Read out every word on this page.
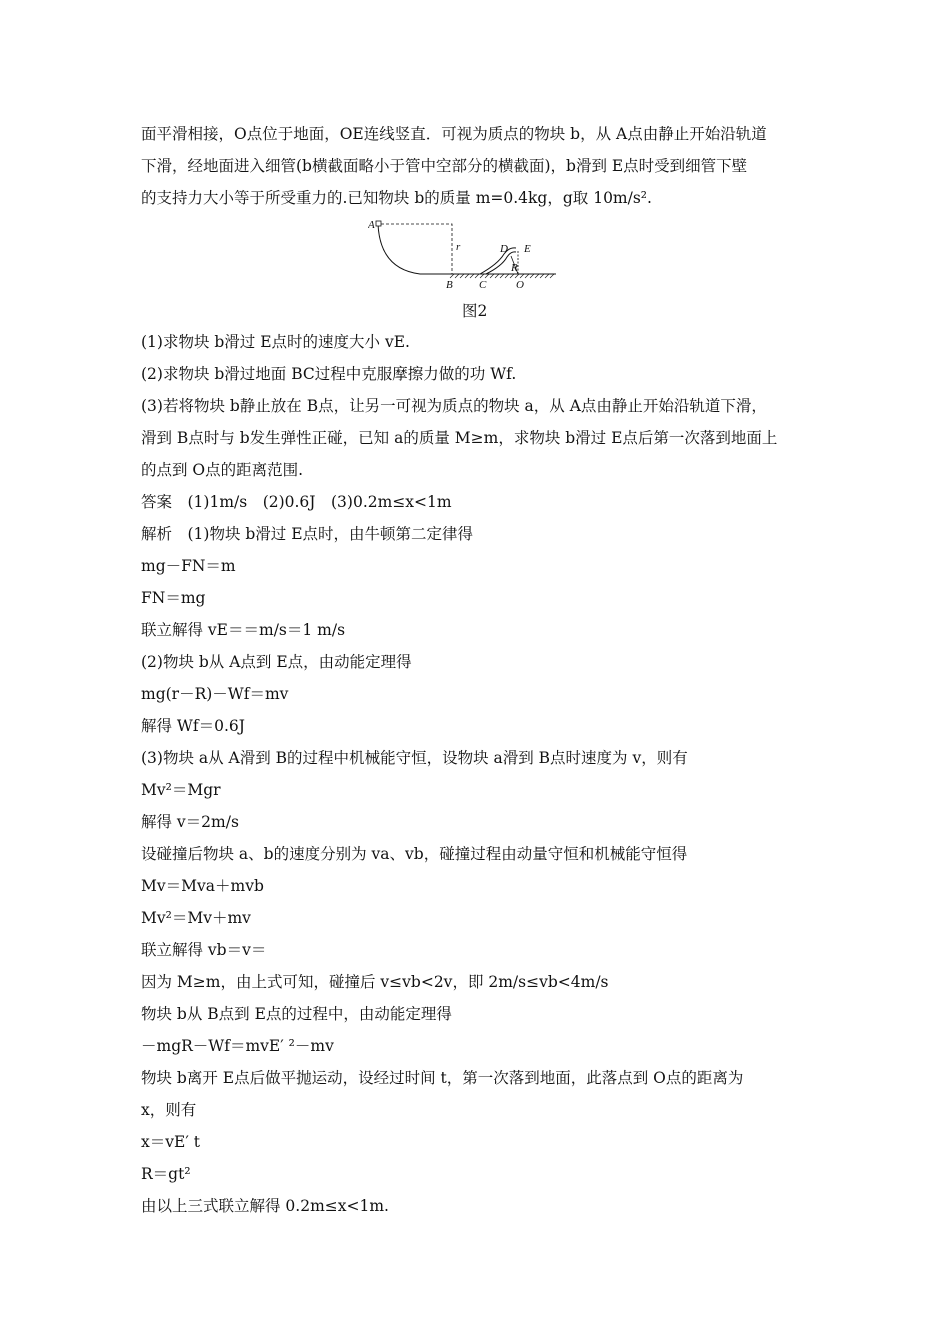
面平滑相接，O点位于地面，OE连线竖直．可视为质点的物块 b，从 A点由静止开始沿轨道
下滑，经地面进入细管(b横截面略小于管中空部分的横截面)，b滑到 E点时受到细管下壁
的支持力大小等于所受重力的.已知物块 b的质量 m=0.4kg，g取 10m/s².
A
r	D E
R
B C	O
图2
(1)求物块 b滑过 E点时的速度大小 vE.
(2)求物块 b滑过地面 BC过程中克服摩擦力做的功 Wf.
(3)若将物块 b静止放在 B点，让另一可视为质点的物块 a，从 A点由静止开始沿轨道下滑，
滑到 B点时与 b发生弹性正碰，已知 a的质量 M≥m，求物块 b滑过 E点后第一次落到地面上
的点到 O点的距离范围.
答案　(1)1m/s　(2)0.6J　(3)0.2m≤x<1m
解析　(1)物块 b滑过 E点时，由牛顿第二定律得
mg－FN＝m
FN＝mg
联立解得 vE＝＝m/s＝1 m/s
(2)物块 b从 A点到 E点，由动能定理得
mg(r－R)－Wf＝mv
解得 Wf＝0.6J
(3)物块 a从 A滑到 B的过程中机械能守恒，设物块 a滑到 B点时速度为 v，则有
Mv²＝Mgr
解得 v＝2m/s
设碰撞后物块 a、b的速度分别为 va、vb，碰撞过程由动量守恒和机械能守恒得
Mv＝Mva＋mvb
Mv²＝Mv＋mv
联立解得 vb＝v＝
因为 M≥m，由上式可知，碰撞后 v≤vb<2v，即 2m/s≤vb<4m/s
物块 b从 B点到 E点的过程中，由动能定理得
－mgR－Wf＝mvE′ ²－mv
物块 b离开 E点后做平抛运动，设经过时间 t，第一次落到地面，此落点到 O点的距离为
x，则有
x＝vE′ t
R＝gt²
由以上三式联立解得 0.2m≤x<1m.
